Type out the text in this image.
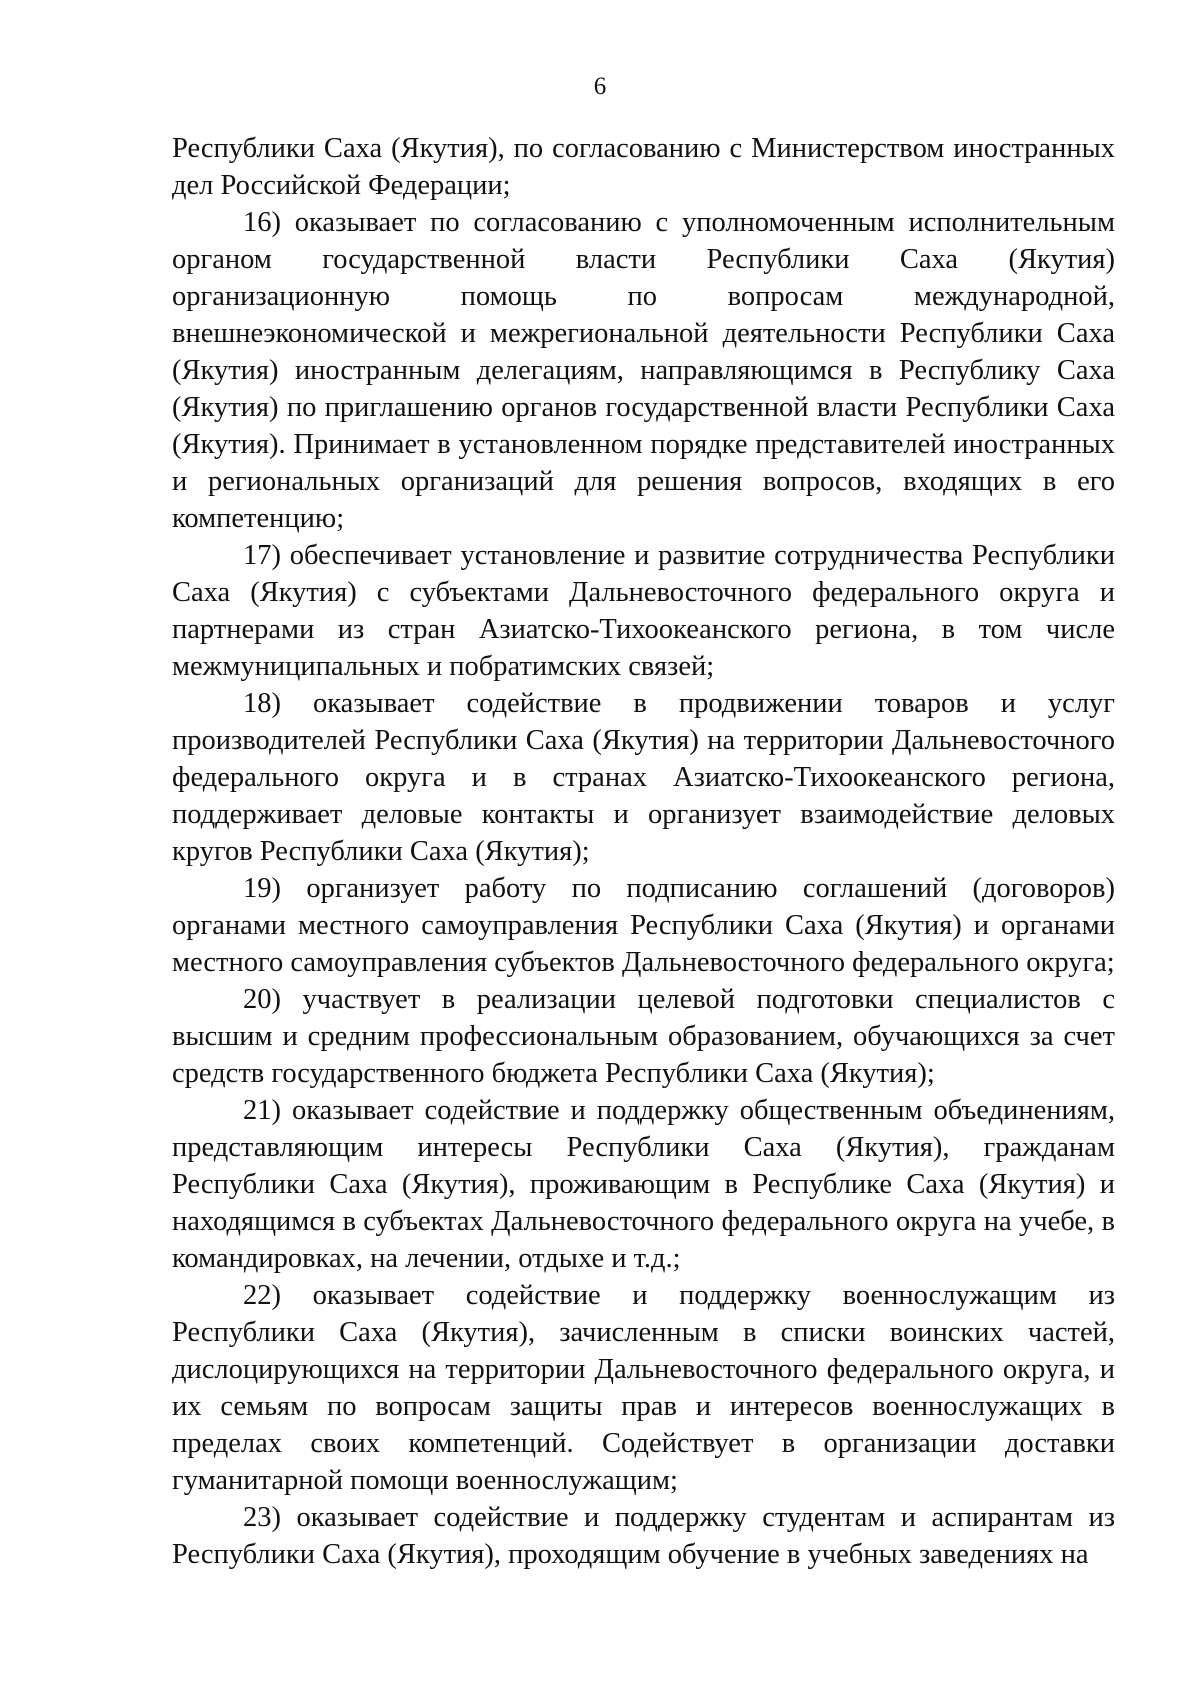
6

Республики Саха (Якутия), по согласованию с Министерством иностранных дел Российской Федерации;

16) оказывает по согласованию с уполномоченным исполнительным органом государственной власти Республики Саха (Якутия) организационную помощь по вопросам международной, внешнеэкономической и межрегиональной деятельности Республики Саха (Якутия) иностранным делегациям, направляющимся в Республику Саха (Якутия) по приглашению органов государственной власти Республики Саха (Якутия). Принимает в установленном порядке представителей иностранных и региональных организаций для решения вопросов, входящих в его компетенцию;

17) обеспечивает установление и развитие сотрудничества Республики Саха (Якутия) с субъектами Дальневосточного федерального округа и партнерами из стран Азиатско-Тихоокеанского региона, в том числе межмуниципальных и побратимских связей;

18) оказывает содействие в продвижении товаров и услуг производителей Республики Саха (Якутия) на территории Дальневосточного федерального округа и в странах Азиатско-Тихоокеанского региона, поддерживает деловые контакты и организует взаимодействие деловых кругов Республики Саха (Якутия);

19) организует работу по подписанию соглашений (договоров) органами местного самоуправления Республики Саха (Якутия) и органами местного самоуправления субъектов Дальневосточного федерального округа;

20) участвует в реализации целевой подготовки специалистов с высшим и средним профессиональным образованием, обучающихся за счет средств государственного бюджета Республики Саха (Якутия);

21) оказывает содействие и поддержку общественным объединениям, представляющим интересы Республики Саха (Якутия), гражданам Республики Саха (Якутия), проживающим в Республике Саха (Якутия) и находящимся в субъектах Дальневосточного федерального округа на учебе, в командировках, на лечении, отдыхе и т.д.;

22) оказывает содействие и поддержку военнослужащим из Республики Саха (Якутия), зачисленным в списки воинских частей, дислоцирующихся на территории Дальневосточного федерального округа, и их семьям по вопросам защиты прав и интересов военнослужащих в пределах своих компетенций. Содействует в организации доставки гуманитарной помощи военнослужащим;

23) оказывает содействие и поддержку студентам и аспирантам из Республики Саха (Якутия), проходящим обучение в учебных заведениях на
